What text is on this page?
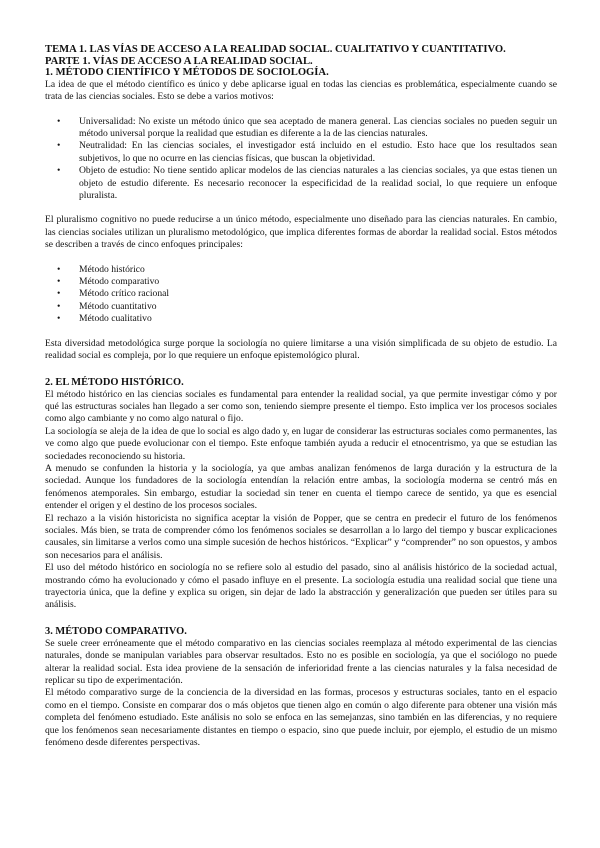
TEMA 1. LAS VÍAS DE ACCESO A LA REALIDAD SOCIAL. CUALITATIVO Y CUANTITATIVO.
PARTE 1. VÍAS DE ACCESO A LA REALIDAD SOCIAL.
1. MÉTODO CIENTÍFICO Y MÉTODOS DE SOCIOLOGÍA.

La idea de que el método científico es único y debe aplicarse igual en todas las ciencias es problemática, especialmente cuando se trata de las ciencias sociales. Esto se debe a varios motivos:

• Universalidad: No existe un método único que sea aceptado de manera general. Las ciencias sociales no pueden seguir un método universal porque la realidad que estudian es diferente a la de las ciencias naturales.
• Neutralidad: En las ciencias sociales, el investigador está incluido en el estudio. Esto hace que los resultados sean subjetivos, lo que no ocurre en las ciencias físicas, que buscan la objetividad.
• Objeto de estudio: No tiene sentido aplicar modelos de las ciencias naturales a las ciencias sociales, ya que estas tienen un objeto de estudio diferente. Es necesario reconocer la especificidad de la realidad social, lo que requiere un enfoque pluralista.

El pluralismo cognitivo no puede reducirse a un único método, especialmente uno diseñado para las ciencias naturales. En cambio, las ciencias sociales utilizan un pluralismo metodológico, que implica diferentes formas de abordar la realidad social. Estos métodos se describen a través de cinco enfoques principales:

• Método histórico
• Método comparativo
• Método crítico racional
• Método cuantitativo
• Método cualitativo

Esta diversidad metodológica surge porque la sociología no quiere limitarse a una visión simplificada de su objeto de estudio. La realidad social es compleja, por lo que requiere un enfoque epistemológico plural.

2. EL MÉTODO HISTÓRICO.

El método histórico en las ciencias sociales es fundamental para entender la realidad social, ya que permite investigar cómo y por qué las estructuras sociales han llegado a ser como son, teniendo siempre presente el tiempo. Esto implica ver los procesos sociales como algo cambiante y no como algo natural o fijo.

La sociología se aleja de la idea de que lo social es algo dado y, en lugar de considerar las estructuras sociales como permanentes, las ve como algo que puede evolucionar con el tiempo. Este enfoque también ayuda a reducir el etnocentrismo, ya que se estudian las sociedades reconociendo su historia.

A menudo se confunden la historia y la sociología, ya que ambas analizan fenómenos de larga duración y la estructura de la sociedad. Aunque los fundadores de la sociología entendían la relación entre ambas, la sociología moderna se centró más en fenómenos atemporales. Sin embargo, estudiar la sociedad sin tener en cuenta el tiempo carece de sentido, ya que es esencial entender el origen y el destino de los procesos sociales.

El rechazo a la visión historicista no significa aceptar la visión de Popper, que se centra en predecir el futuro de los fenómenos sociales. Más bien, se trata de comprender cómo los fenómenos sociales se desarrollan a lo largo del tiempo y buscar explicaciones causales, sin limitarse a verlos como una simple sucesión de hechos históricos. “Explicar” y “comprender” no son opuestos, y ambos son necesarios para el análisis.

El uso del método histórico en sociología no se refiere solo al estudio del pasado, sino al análisis histórico de la sociedad actual, mostrando cómo ha evolucionado y cómo el pasado influye en el presente. La sociología estudia una realidad social que tiene una trayectoria única, que la define y explica su origen, sin dejar de lado la abstracción y generalización que pueden ser útiles para su análisis.

3. MÉTODO COMPARATIVO.

Se suele creer erróneamente que el método comparativo en las ciencias sociales reemplaza al método experimental de las ciencias naturales, donde se manipulan variables para observar resultados. Esto no es posible en sociología, ya que el sociólogo no puede alterar la realidad social. Esta idea proviene de la sensación de inferioridad frente a las ciencias naturales y la falsa necesidad de replicar su tipo de experimentación.

El método comparativo surge de la conciencia de la diversidad en las formas, procesos y estructuras sociales, tanto en el espacio como en el tiempo. Consiste en comparar dos o más objetos que tienen algo en común o algo diferente para obtener una visión más completa del fenómeno estudiado. Este análisis no solo se enfoca en las semejanzas, sino también en las diferencias, y no requiere que los fenómenos sean necesariamente distantes en tiempo o espacio, sino que puede incluir, por ejemplo, el estudio de un mismo fenómeno desde diferentes perspectivas.
